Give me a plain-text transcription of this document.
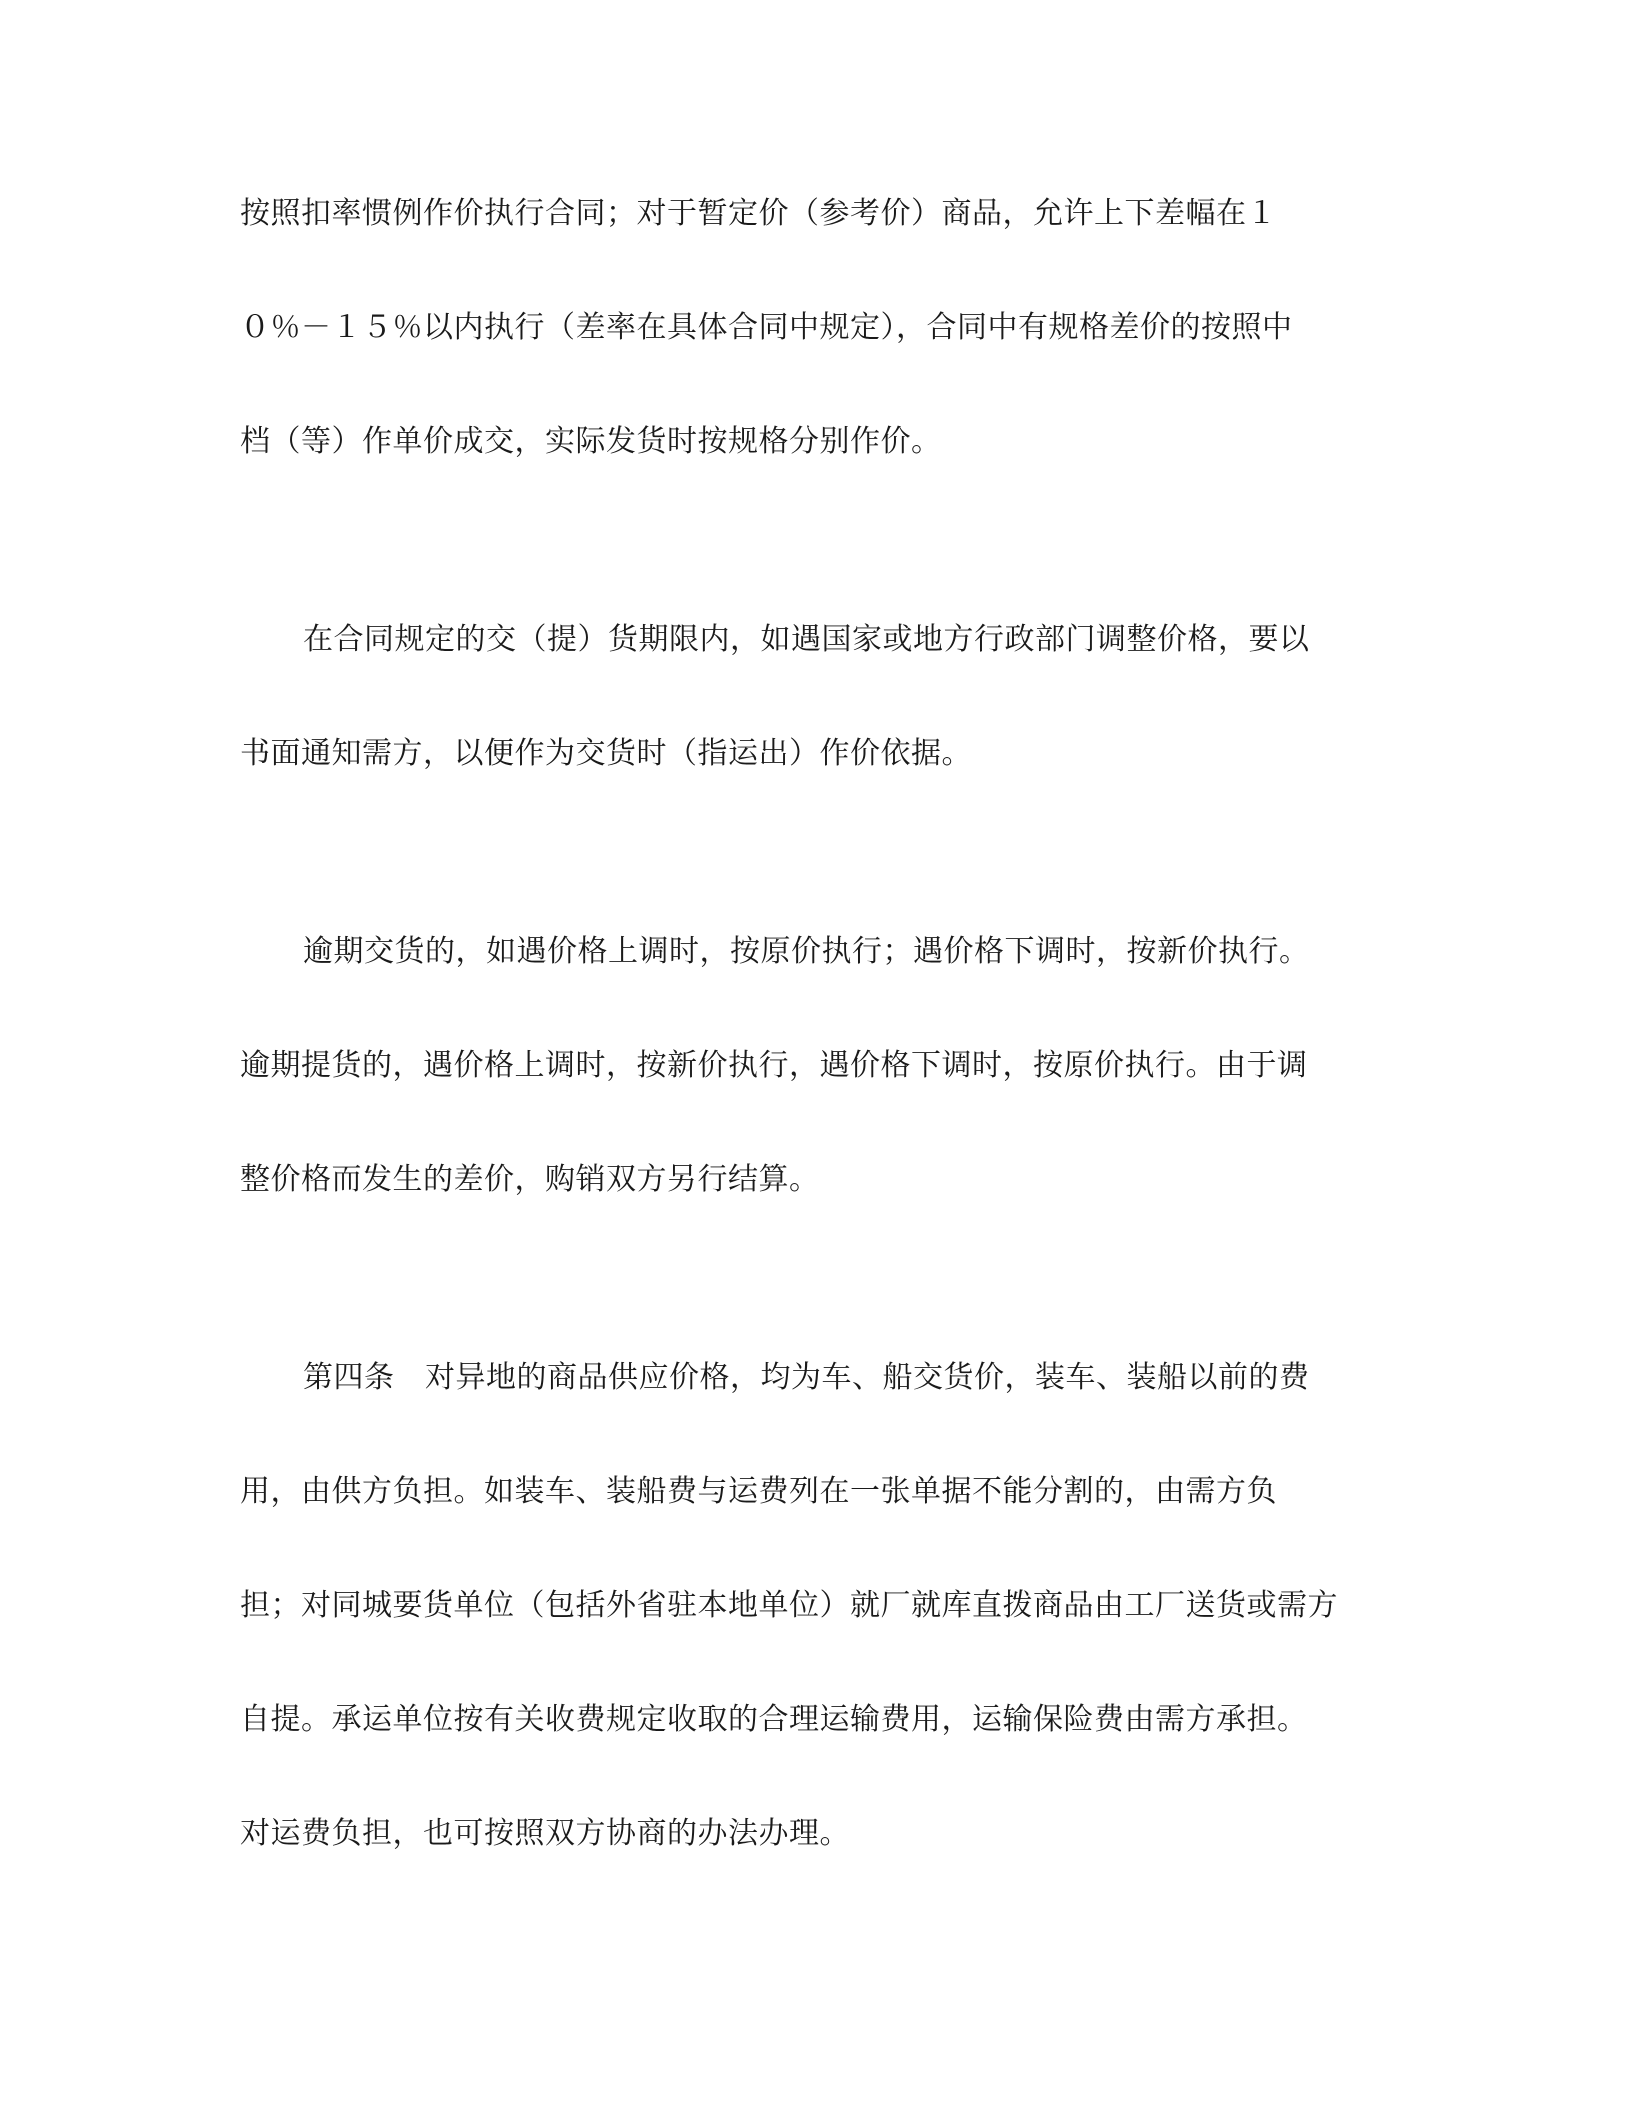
按照扣率惯例作价执行合同；对于暂定价（参考价）商品，允许上下差幅在１
０％－１５％以内执行（差率在具体合同中规定），合同中有规格差价的按照中
档（等）作单价成交，实际发货时按规格分别作价。
在合同规定的交（提）货期限内，如遇国家或地方行政部门调整价格，要以
书面通知需方，以便作为交货时（指运出）作价依据。
逾期交货的，如遇价格上调时，按原价执行；遇价格下调时，按新价执行。
逾期提货的，遇价格上调时，按新价执行，遇价格下调时，按原价执行。由于调
整价格而发生的差价，购销双方另行结算。
第四条　对异地的商品供应价格，均为车、船交货价，装车、装船以前的费
用，由供方负担。如装车、装船费与运费列在一张单据不能分割的，由需方负
担；对同城要货单位（包括外省驻本地单位）就厂就库直拨商品由工厂送货或需方
自提。承运单位按有关收费规定收取的合理运输费用，运输保险费由需方承担。
对运费负担，也可按照双方协商的办法办理。
